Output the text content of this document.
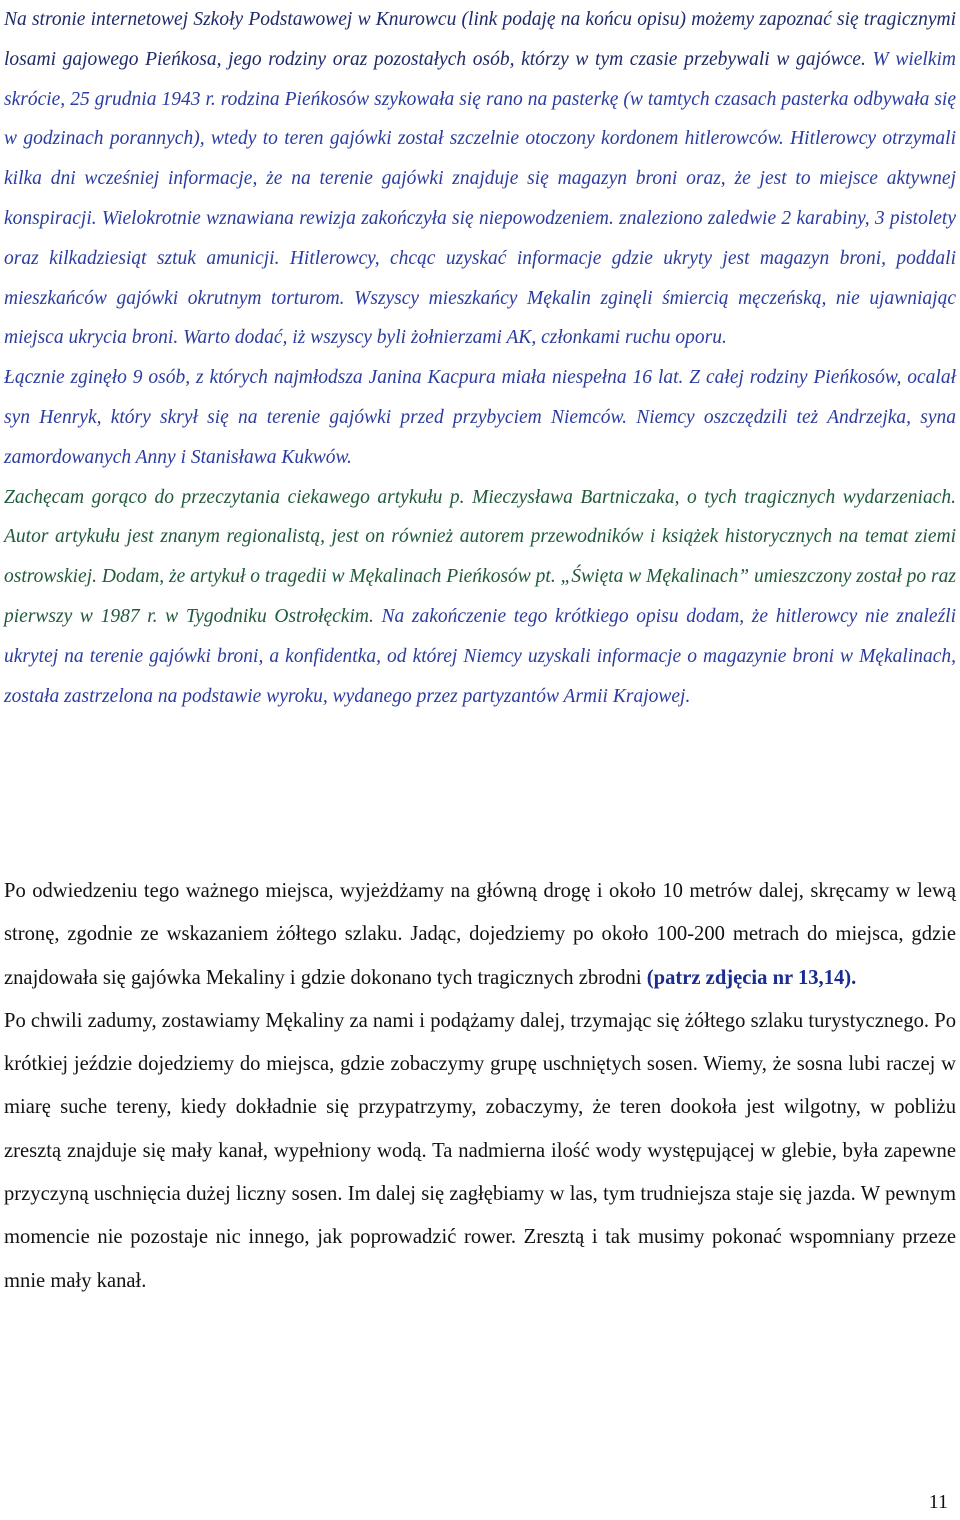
Na stronie internetowej Szkoły Podstawowej w Knurowcu (link podaję na końcu opisu) możemy zapoznać się tragicznymi losami gajowego Pieńkosa, jego rodziny oraz pozostałych osób, którzy w tym czasie przebywali w gajówce. W wielkim skrócie, 25 grudnia 1943 r. rodzina Pieńkosów szykowała się rano na pasterkę (w tamtych czasach pasterka odbywała się w godzinach porannych), wtedy to teren gajówki został szczelnie otoczony kordonem hitlerowców. Hitlerowcy otrzymali kilka dni wcześniej informacje, że na terenie gajówki znajduje się magazyn broni oraz, że jest to miejsce aktywnej konspiracji. Wielokrotnie wznawiana rewizja zakończyła się niepowodzeniem. znaleziono zaledwie 2 karabiny, 3 pistolety oraz kilkadziesiąt sztuk amunicji. Hitlerowcy, chcąc uzyskać informacje gdzie ukryty jest magazyn broni, poddali mieszkańców gajówki okrutnym torturom. Wszyscy mieszkańcy Mękalin zginęli śmiercią męczeńską, nie ujawniając miejsca ukrycia broni. Warto dodać, iż wszyscy byli żołnierzami AK, członkami ruchu oporu.

Łącznie zginęło 9 osób, z których najmłodsza Janina Kacpura miała niespełna 16 lat. Z całej rodziny Pieńkosów, ocalał syn Henryk, który skrył się na terenie gajówki przed przybyciem Niemców. Niemcy oszczędzili też Andrzejka, syna zamordowanych Anny i Stanisława Kukwów.

Zachęcam gorąco do przeczytania ciekawego artykułu p. Mieczysława Bartniczaka, o tych tragicznych wydarzeniach. Autor artykułu jest znanym regionalistą, jest on również autorem przewodników i książek historycznych na temat ziemi ostrowskiej. Dodam, że artykuł o tragedii w Mękalinach Pieńkosów pt. „Święta w Mękalinach” umieszczony został po raz pierwszy w 1987 r. w Tygodniku Ostrołęckim. Na zakończenie tego krótkiego opisu dodam, że hitlerowcy nie znaleźli ukrytej na terenie gajówki broni, a konfidentka, od której Niemcy uzyskali informacje o magazynie broni w Mękalinach, została zastrzelona na podstawie wyroku, wydanego przez partyzantów Armii Krajowej.

Po odwiedzeniu tego ważnego miejsca, wyjeżdżamy na główną drogę i około 10 metrów dalej, skręcamy w lewą stronę, zgodnie ze wskazaniem żółtego szlaku. Jadąc, dojedziemy po około 100-200 metrach do miejsca, gdzie znajdowała się gajówka Mekaliny i gdzie dokonano tych tragicznych zbrodni (patrz zdjęcia nr 13,14).

Po chwili zadumy, zostawiamy Mękaliny za nami i podążamy dalej, trzymając się żółtego szlaku turystycznego. Po krótkiej jeździe dojedziemy do miejsca, gdzie zobaczymy grupę uschniętych sosen. Wiemy, że sosna lubi raczej w miarę suche tereny, kiedy dokładnie się przypatrzymy, zobaczymy, że teren dookoła jest wilgotny, w pobliżu zresztą znajduje się mały kanał, wypełniony wodą. Ta nadmierna ilość wody występującej w glebie, była zapewne przyczyną uschnięcia dużej liczny sosen. Im dalej się zagłębiamy w las, tym trudniejsza staje się jazda. W pewnym momencie nie pozostaje nic innego, jak poprowadzić rower. Zresztą i tak musimy pokonać wspomniany przeze mnie mały kanał.

11
